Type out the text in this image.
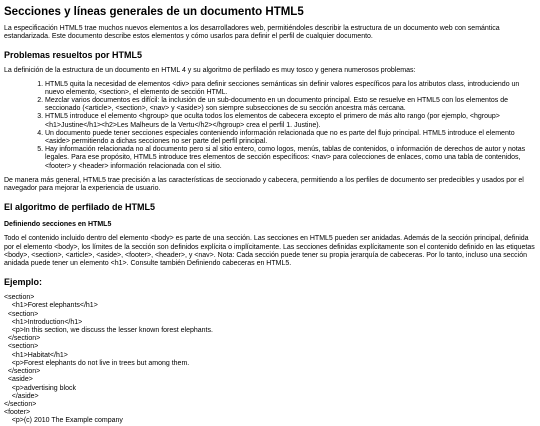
Secciones y líneas generales de un documento HTML5

La especificación HTML5 trae muchos nuevos elementos a los desarrolladores web, permitiéndoles describir la estructura de un documento web con semántica estandarizada. Este documento describe estos elementos y cómo usarlos para definir el perfil de cualquier documento.

Problemas resueltos por HTML5

La definición de la estructura de un documento en HTML 4 y su algoritmo de perfilado es muy tosco y genera numerosos problemas:

1. HTML5 quita la necesidad de elementos <div> para definir secciones semánticas sin definir valores específicos para los atributos class, introduciendo un nuevo elemento, <section>, el elemento de sección HTML.
2. Mezclar varios documentos es difícil: la inclusión de un sub-documento en un documento principal. Esto se resuelve en HTML5 con los elementos de seccionado (<article>, <section>, <nav> y <aside>) son siempre subsecciones de su sección ancestra más cercana.
3. HTML5 introduce el elemento <hgroup> que oculta todos los elementos de cabecera excepto el primero de más alto rango (por ejemplo, <hgroup><h1>Justine</h1><h2>Les Malheurs de la Vertu</h2></hgroup> crea el perfil 1. Justine).
4. Un documento puede tener secciones especiales conteniendo información relacionada que no es parte del flujo principal. HTML5 introduce el elemento <aside> permitiendo a dichas secciones no ser parte del perfil principal.
5. Hay información relacionada no al documento pero si al sitio entero, como logos, menús, tablas de contenidos, o información de derechos de autor y notas legales. Para ese propósito, HTML5 introduce tres elementos de sección específicos: <nav> para colecciones de enlaces, como una tabla de contenidos, <footer> y <header> información relacionada con el sitio.

De manera más general, HTML5 trae precisión a las características de seccionado y cabecera, permitiendo a los perfiles de documento ser predecibles y usados por el navegador para mejorar la experiencia de usuario.

El algoritmo de perfilado de HTML5
Definiendo secciones en HTML5

Todo el contenido incluido dentro del elemento <body> es parte de una sección. Las secciones en HTML5 pueden ser anidadas. Además de la sección principal, definida por el elemento <body>, los límites de la sección son definidos explícita o implícitamente. Las secciones definidas explícitamente son el contenido definido en las etiquetas <body>, <section>, <article>, <aside>, <footer>, <header>, y <nav>. Nota: Cada sección puede tener su propia jerarquía de cabeceras. Por lo tanto, incluso una sección anidada puede tener un elemento <h1>. Consulte también Definiendo cabeceras en HTML5.

Ejemplo:
<section>
<h1>Forest elephants</h1>
<section>
<h1>Introduction</h1>
<p>In this section, we discuss the lesser known forest elephants.
</section>
<section>
<h1>Habitat</h1>
<p>Forest elephants do not live in trees but among them.
</section>
<aside>
<p>advertising block
</aside>
</section>
<footer>
<p>(c) 2010 The Example company
